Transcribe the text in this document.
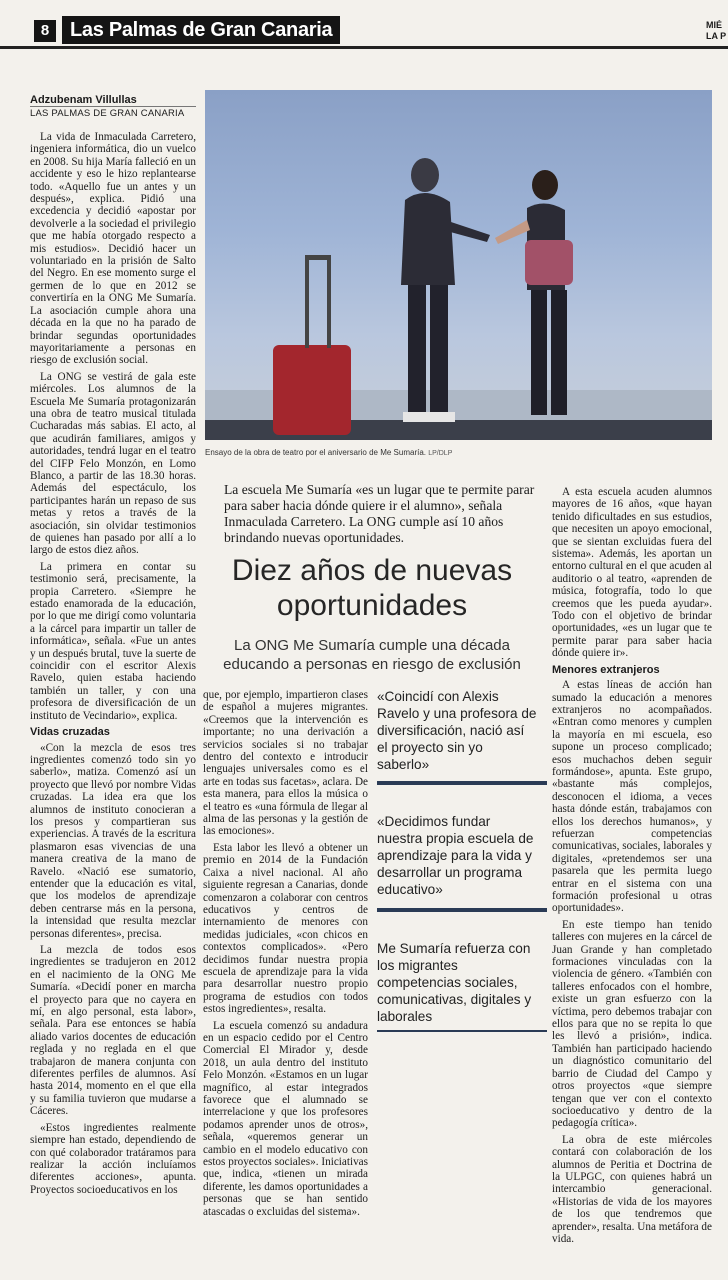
8	Las Palmas de Gran Canaria	MIÉ
LA P
Adzubenam Villullas
LAS PALMAS DE GRAN CANARIA

La vida de Inmaculada Carretero, ingeniera informática, dio un vuelco en 2008. Su hija María falleció en un accidente y eso le hizo replantearse todo. «Aquello fue un antes y un después», explica. Pidió una excedencia y decidió «apostar por devolverle a la sociedad el privilegio que me había otorgado respecto a mis estudios». Decidió hacer un voluntariado en la prisión de Salto del Negro. En ese momento surge el germen de lo que en 2012 se convertiría en la ONG Me Sumaría. La asociación cumple ahora una década en la que no ha parado de brindar segundas oportunidades mayoritariamente a personas en riesgo de exclusión social.

La ONG se vestirá de gala este miércoles. Los alumnos de la Escuela Me Sumaría protagonizarán una obra de teatro musical titulada Cucharadas más sabias. El acto, al que acudirán familiares, amigos y autoridades, tendrá lugar en el teatro del CIFP Felo Monzón, en Lomo Blanco, a partir de las 18.30 horas. Además del espectáculo, los participantes harán un repaso de sus metas y retos a través de la asociación, sin olvidar testimonios de quienes han pasado por allí a lo largo de estos diez años.

La primera en contar su testimonio será, precisamente, la propia Carretero. «Siempre he estado enamorada de la educación, por lo que me dirigí como voluntaria a la cárcel para impartir un taller de informática», señala. «Fue un antes y un después brutal, tuve la suerte de coincidir con el escritor Alexis Ravelo, quien estaba haciendo también un taller, y con una profesora de diversificación de un instituto de Vecindario», explica.

Vidas cruzadas

«Con la mezcla de esos tres ingredientes comenzó todo sin yo saberlo», matiza. Comenzó así un proyecto que llevó por nombre Vidas cruzadas. La idea era que los alumnos de instituto conocieran a los presos y compartieran sus experiencias. A través de la escritura plasmaron esas vivencias de una manera creativa de la mano de Ravelo. «Nació ese sumatorio, entender que la educación es vital, que los modelos de aprendizaje deben centrarse más en la persona, la intensidad que resulta mezclar personas diferentes», precisa.

La mezcla de todos esos ingredientes se tradujeron en 2012 en el nacimiento de la ONG Me Sumaría. «Decidí poner en marcha el proyecto para que no cayera en mí, en algo personal, esta labor», señala. Para ese entonces se había aliado varios docentes de educación reglada y no reglada en el que trabajaron de manera conjunta con diferentes perfiles de alumnos. Así hasta 2014, momento en el que ella y su familia tuvieron que mudarse a Cáceres.

«Estos ingredientes realmente siempre han estado, dependiendo de con qué colaborador tratáramos para realizar la acción incluíamos diferentes acciones», apunta. Proyectos socioeducativos en los

Ensayo de la obra de teatro por el aniversario de Me Sumaría. LP/DLP
La escuela Me Sumaría «es un lugar que te permite parar para saber hacia dónde quiere ir el alumno», señala Inmaculada Carretero. La ONG cumple así 10 años brindando nuevas oportunidades.
Diez años de nuevas oportunidades
La ONG Me Sumaría cumple una década educando a personas en riesgo de exclusión

que, por ejemplo, impartieron clases de español a mujeres migrantes. «Creemos que la intervención es importante; no una derivación a servicios sociales si no trabajar dentro del contexto e introducir lenguajes universales como es el arte en todas sus facetas», aclara. De esta manera, para ellos la música o el teatro es «una fórmula de llegar al alma de las personas y la gestión de las emociones».

Esta labor les llevó a obtener un premio en 2014 de la Fundación Caixa a nivel nacional. Al año siguiente regresan a Canarias, donde comenzaron a colaborar con centros educativos y centros de internamiento de menores con medidas judiciales, «con chicos en contextos complicados». «Pero decidimos fundar nuestra propia escuela de aprendizaje para la vida para desarrollar nuestro propio programa de estudios con todos estos ingredientes», resalta.

La escuela comenzó su andadura en un espacio cedido por el Centro Comercial El Mirador y, desde 2018, un aula dentro del instituto Felo Monzón. «Estamos en un lugar magnífico, al estar integrados favorece que el alumnado se interrelacione y que los profesores podamos aprender unos de otros», señala, «queremos generar un cambio en el modelo educativo con estos proyectos sociales». Iniciativas que, indica, «tienen un mirada diferente, les damos oportunidades a personas que se han sentido atascadas o excluidas del sistema».

«Coincidí con Alexis Ravelo y una profesora de diversificación, nació así el proyecto sin yo saberlo»
«Decidimos fundar nuestra propia escuela de aprendizaje para la vida y desarrollar un programa educativo»
Me Sumaría refuerza con los migrantes competencias sociales, comunicativas, digitales y laborales

A esta escuela acuden alumnos mayores de 16 años, «que hayan tenido dificultades en sus estudios, que necesiten un apoyo emocional, que se sientan excluidas fuera del sistema». Además, les aportan un entorno cultural en el que acuden al auditorio o al teatro, «aprenden de música, fotografía, todo lo que creemos que les pueda ayudar». Todo con el objetivo de brindar oportunidades, «es un lugar que te permite parar para saber hacia dónde quiere ir».

Menores extranjeros

A estas líneas de acción han sumado la educación a menores extranjeros no acompañados. «Entran como menores y cumplen la mayoría en mi escuela, eso supone un proceso complicado; esos muchachos deben seguir formándose», apunta. Este grupo, «bastante más complejos, desconocen el idioma, a veces hasta dónde están, trabajamos con ellos los derechos humanos», y refuerzan competencias comunicativas, sociales, laborales y digitales, «pretendemos ser una pasarela que les permita luego entrar en el sistema con una formación profesional u otras oportunidades».

En este tiempo han tenido talleres con mujeres en la cárcel de Juan Grande y han completado formaciones vinculadas con la violencia de género. «También con talleres enfocados con el hombre, existe un gran esfuerzo con la víctima, pero debemos trabajar con ellos para que no se repita lo que les llevó a prisión», indica. También han participado haciendo un diagnóstico comunitario del barrio de Ciudad del Campo y otros proyectos «que siempre tengan que ver con el contexto socioeducativo y dentro de la pedagogía crítica».

La obra de este miércoles contará con colaboración de los alumnos de Peritia et Doctrina de la ULPGC, con quienes habrá un intercambio generacional. «Historias de vida de los mayores de los que tendremos que aprender», resalta. Una metáfora de vida.
